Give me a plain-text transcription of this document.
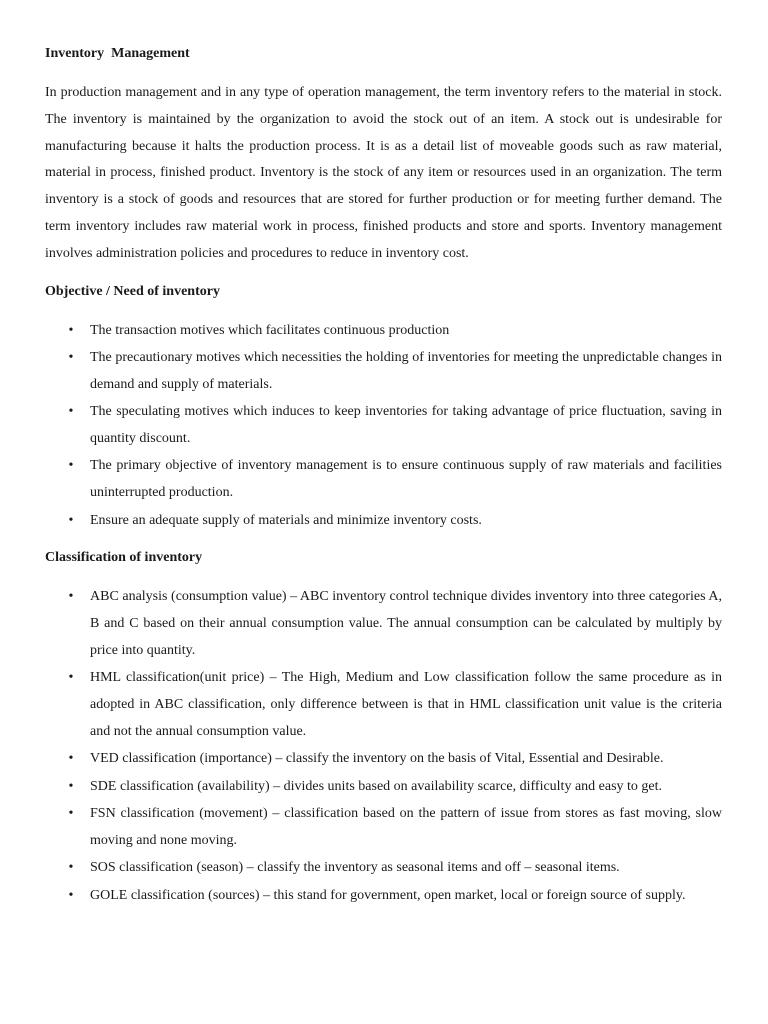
Inventory  Management

In production management and in any type of operation management, the term inventory refers to the material in stock. The inventory is maintained by the organization to avoid the stock out of an item. A stock out is undesirable for manufacturing because it halts the production process. It is as a detail list of moveable goods such as raw material, material in process, finished product. Inventory is the stock of any item or resources used in an organization. The term inventory is a stock of goods and resources that are stored for further production or for meeting further demand. The term inventory includes raw material work in process, finished products and store and sports. Inventory management involves administration policies and procedures to reduce in inventory cost.

Objective / Need of inventory

• The transaction motives which facilitates continuous production
• The precautionary motives which necessities the holding of inventories for meeting the unpredictable changes in demand and supply of materials.
• The speculating motives which induces to keep inventories for taking advantage of price fluctuation, saving in quantity discount.
• The primary objective of inventory management is to ensure continuous supply of raw materials and facilities uninterrupted production.
• Ensure an adequate supply of materials and minimize inventory costs.

Classification of inventory

• ABC analysis (consumption value) – ABC inventory control technique divides inventory into three categories A, B and C based on their annual consumption value. The annual consumption can be calculated by multiply by price into quantity.
• HML classification(unit price) – The High, Medium and Low classification follow the same procedure as in adopted in ABC classification, only difference between is that in HML classification unit value is the criteria and not the annual consumption value.
• VED classification (importance) – classify the inventory on the basis of Vital, Essential and Desirable.
• SDE classification (availability) – divides units based on availability scarce, difficulty and easy to get.
• FSN classification (movement) – classification based on the pattern of issue from stores as fast moving, slow moving and none moving.
• SOS classification (season) – classify the inventory as seasonal items and off – seasonal items.
• GOLE classification (sources) – this stand for government, open market, local or foreign source of supply.
